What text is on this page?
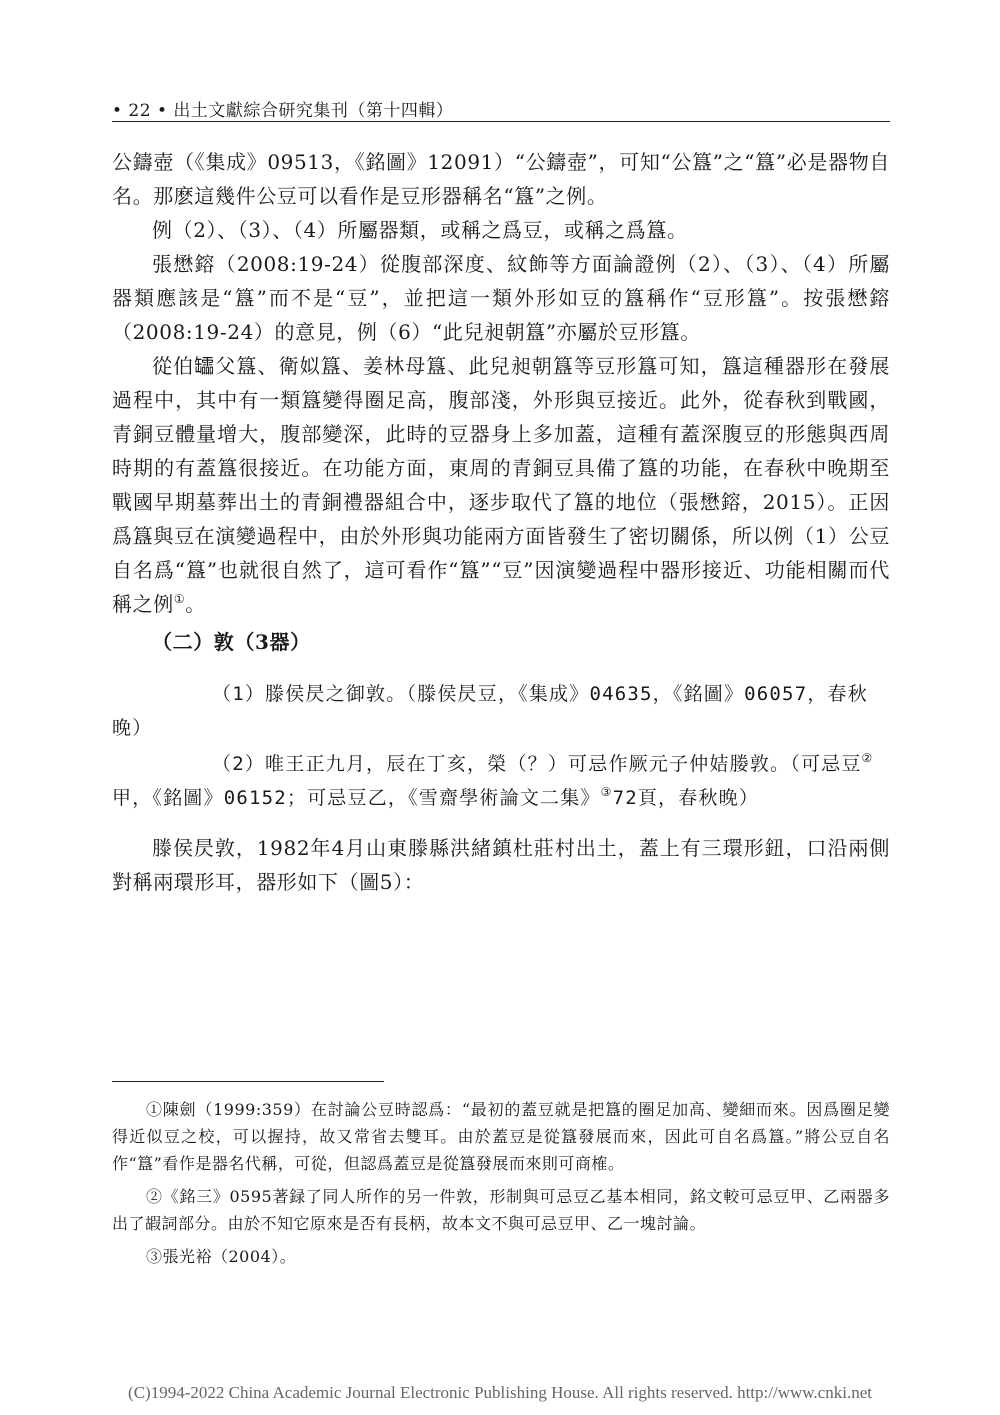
• 22 • 出土文獻綜合研究集刊（第十四輯）

公鑄壺（《集成》09513，《銘圖》12091）“公鑄壺”，可知“公簋”之“簋”必是器物自名。那麽這幾件公豆可以看作是豆形器稱名“簋”之例。

例（2）、（3）、（4）所屬器類，或稱之爲豆，或稱之爲簋。

張懋鎔（2008:19-24）從腹部深度、紋飾等方面論證例（2）、（3）、（4）所屬器類應該是“簋”而不是“豆”，並把這一類外形如豆的簋稱作“豆形簋”。按張懋鎔（2008:19-24）的意見，例（6）“此兒昶朝簋”亦屬於豆形簋。

從伯𦉢父簋、衛姒簋、姜林母簋、此兒昶朝簋等豆形簋可知，簋這種器形在發展過程中，其中有一類簋變得圈足高，腹部淺，外形與豆接近。此外，從春秋到戰國，青銅豆體量增大，腹部變深，此時的豆器身上多加蓋，這種有蓋深腹豆的形態與西周時期的有蓋簋很接近。在功能方面，東周的青銅豆具備了簋的功能，在春秋中晚期至戰國早期墓葬出土的青銅禮器組合中，逐步取代了簋的地位（張懋鎔，2015）。正因爲簋與豆在演變過程中，由於外形與功能兩方面皆發生了密切關係，所以例（1）公豆自名爲“簋”也就很自然了，這可看作“簋”“豆”因演變過程中器形接近、功能相關而代稱之例①。

（二）敦（3器）

（1）滕侯昃之御敦。（滕侯昃豆，《集成》04635，《銘圖》06057，春秋晚）

（2）唯王正九月，辰在丁亥，榮（？）可忌作厥元子仲姞媵敦。（可忌豆②甲，《銘圖》06152；可忌豆乙，《雪齋學術論文二集》③72頁，春秋晚）

滕侯昃敦，1982年4月山東滕縣洪緒鎮杜莊村出土，蓋上有三環形鈕，口沿兩側對稱兩環形耳，器形如下（圖5）：

①陳劍（1999:359）在討論公豆時認爲：“最初的蓋豆就是把簋的圈足加高、變細而來。因爲圈足變得近似豆之校，可以握持，故又常省去雙耳。由於蓋豆是從簋發展而來，因此可自名爲簋。”將公豆自名作“簋”看作是器名代稱，可從，但認爲蓋豆是從簋發展而來則可商榷。

②《銘三》0595著録了同人所作的另一件敦，形制與可忌豆乙基本相同，銘文較可忌豆甲、乙兩器多出了嘏詞部分。由於不知它原來是否有長柄，故本文不與可忌豆甲、乙一塊討論。

③張光裕（2004）。

(C)1994-2022 China Academic Journal Electronic Publishing House. All rights reserved. http://www.cnki.net
